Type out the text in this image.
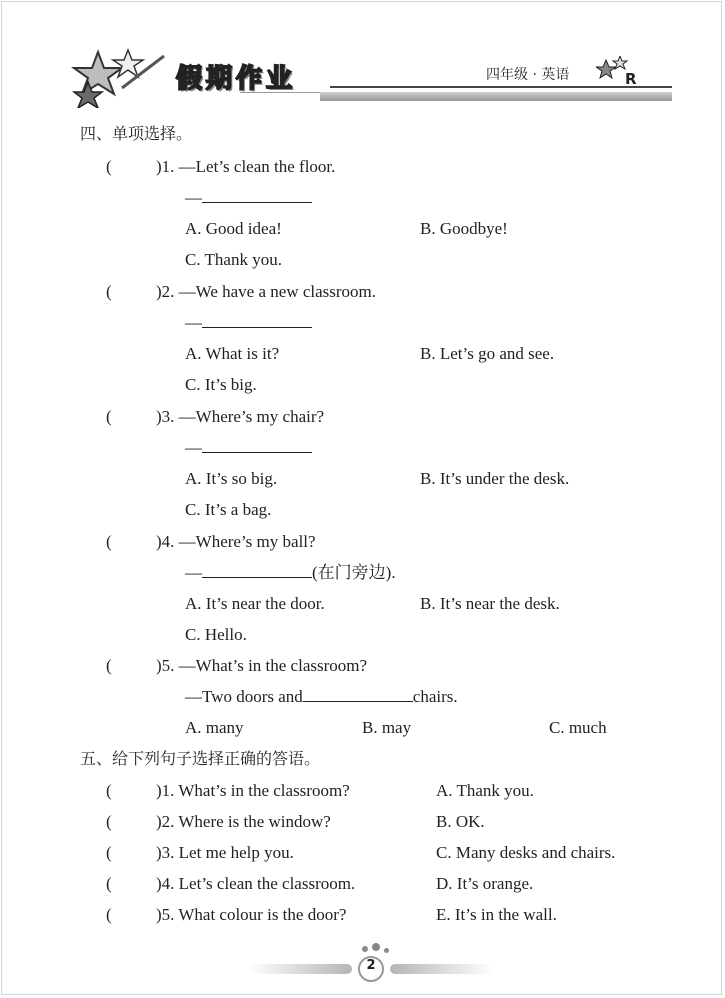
假期作业	四年级 · 英语	R
四、单项选择。
(	)1. —Let’s clean the floor.
—
A. Good idea!	B. Goodbye!
C. Thank you.
(	)2. —We have a new classroom.
—
A. What is it?	B. Let’s go and see.
C. It’s big.
(	)3. —Where’s my chair?
—
A. It’s so big.	B. It’s under the desk.
C. It’s a bag.
(	)4. —Where’s my ball?
—	(在门旁边).
A. It’s near the door.	B. It’s near the desk.
C. Hello.
(	)5. —What’s in the classroom?
—Two doors and	chairs.
A. many	B. may	C. much
五、给下列句子选择正确的答语。
(	)1. What’s in the classroom?	A. Thank you.
(	)2. Where is the window?	B. OK.
(	)3. Let me help you.	C. Many desks and chairs.
(	)4. Let’s clean the classroom.	D. It’s orange.
(	)5. What colour is the door?	E. It’s in the wall.
2
